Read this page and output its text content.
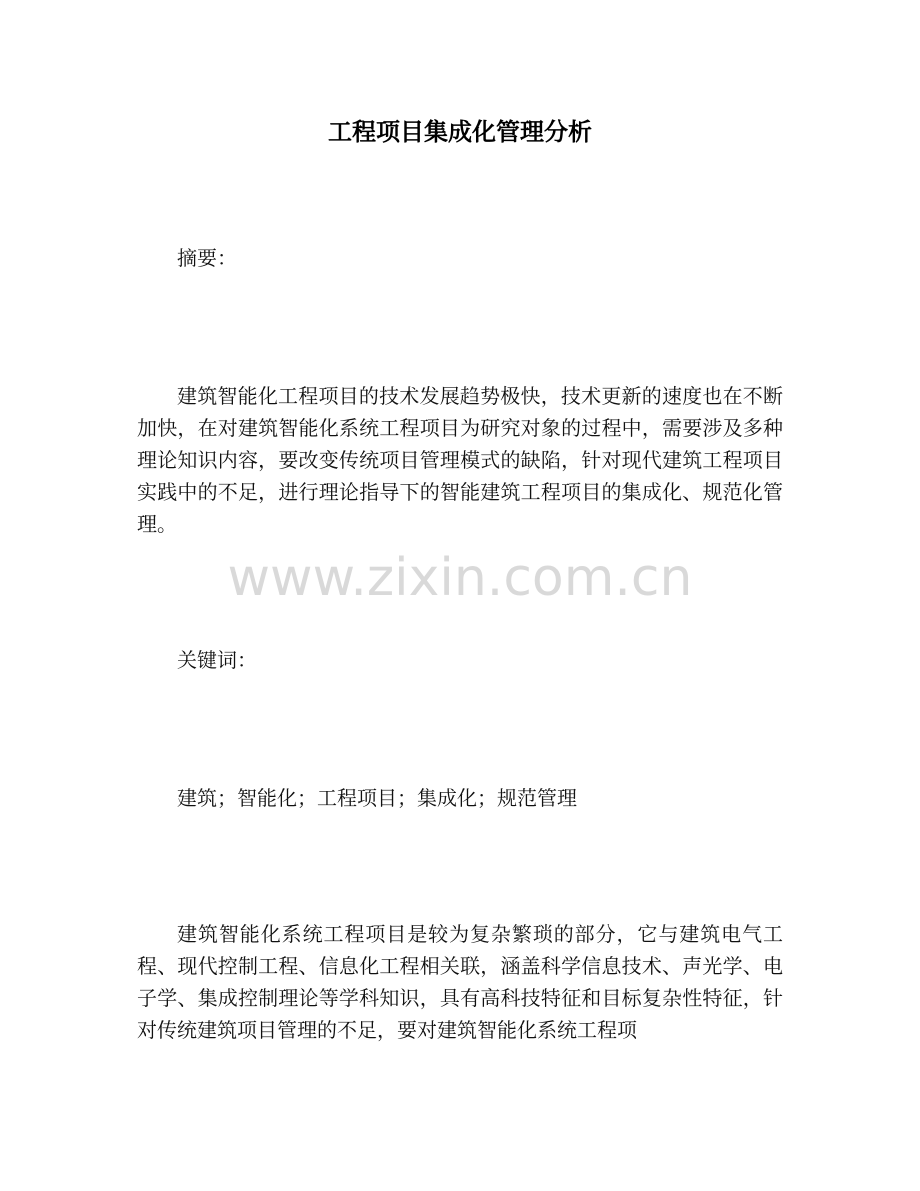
工程项目集成化管理分析

摘要：

建筑智能化工程项目的技术发展趋势极快，技术更新的速度也在不断加快，在对建筑智能化系统工程项目为研究对象的过程中，需要涉及多种理论知识内容，要改变传统项目管理模式的缺陷，针对现代建筑工程项目实践中的不足，进行理论指导下的智能建筑工程项目的集成化、规范化管理。

www.zixin.com.cn

关键词：

建筑；智能化；工程项目；集成化；规范管理

建筑智能化系统工程项目是较为复杂繁琐的部分，它与建筑电气工程、现代控制工程、信息化工程相关联，涵盖科学信息技术、声光学、电子学、集成控制理论等学科知识，具有高科技特征和目标复杂性特征，针对传统建筑项目管理的不足，要对建筑智能化系统工程项
